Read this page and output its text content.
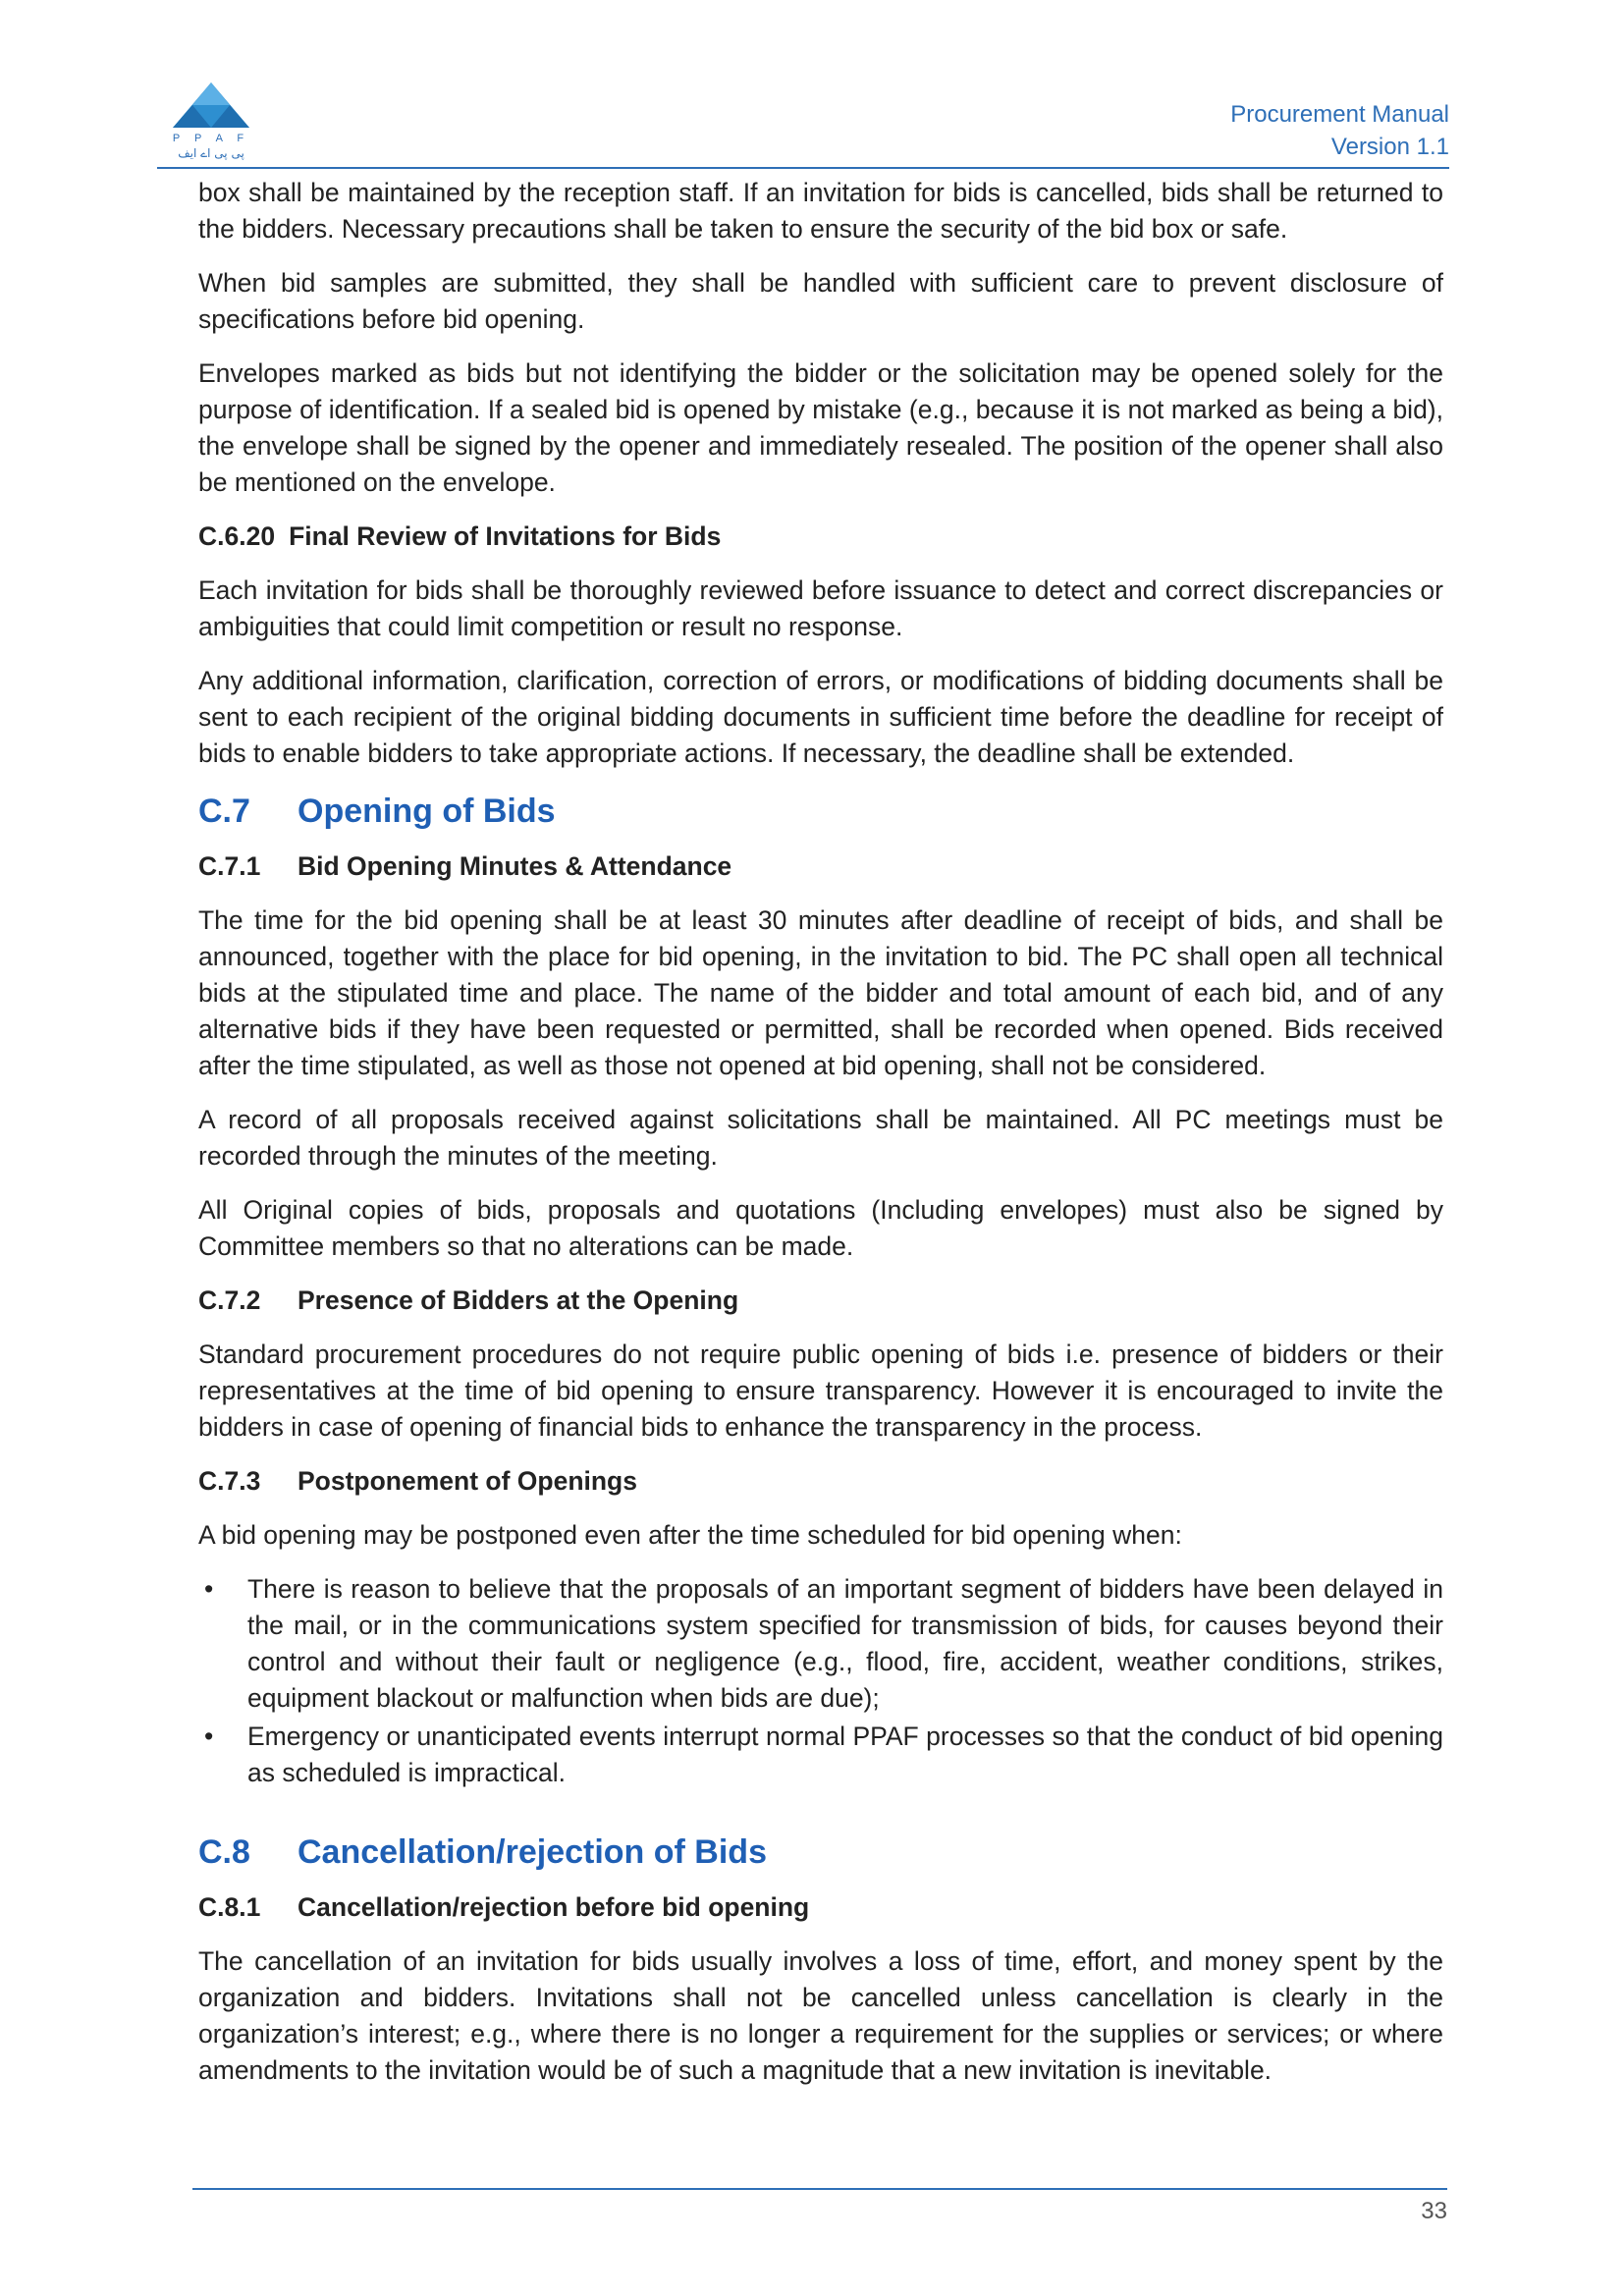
P P A F
پی پی اے ایف
Procurement Manual
Version 1.1

box shall be maintained by the reception staff. If an invitation for bids is cancelled, bids shall be returned to the bidders. Necessary precautions shall be taken to ensure the security of the bid box or safe.

When bid samples are submitted, they shall be handled with sufficient care to prevent disclosure of specifications before bid opening.

Envelopes marked as bids but not identifying the bidder or the solicitation may be opened solely for the purpose of identification. If a sealed bid is opened by mistake (e.g., because it is not marked as being a bid), the envelope shall be signed by the opener and immediately resealed. The position of the opener shall also be mentioned on the envelope.

C.6.20 Final Review of Invitations for Bids

Each invitation for bids shall be thoroughly reviewed before issuance to detect and correct discrepancies or ambiguities that could limit competition or result no response.

Any additional information, clarification, correction of errors, or modifications of bidding documents shall be sent to each recipient of the original bidding documents in sufficient time before the deadline for receipt of bids to enable bidders to take appropriate actions. If necessary, the deadline shall be extended.

C.7 Opening of Bids
C.7.1 Bid Opening Minutes & Attendance

The time for the bid opening shall be at least 30 minutes after deadline of receipt of bids, and shall be announced, together with the place for bid opening, in the invitation to bid. The PC shall open all technical bids at the stipulated time and place. The name of the bidder and total amount of each bid, and of any alternative bids if they have been requested or permitted, shall be recorded when opened. Bids received after the time stipulated, as well as those not opened at bid opening, shall not be considered.

A record of all proposals received against solicitations shall be maintained. All PC meetings must be recorded through the minutes of the meeting.

All Original copies of bids, proposals and quotations (Including envelopes) must also be signed by Committee members so that no alterations can be made.

C.7.2 Presence of Bidders at the Opening

Standard procurement procedures do not require public opening of bids i.e. presence of bidders or their representatives at the time of bid opening to ensure transparency. However it is encouraged to invite the bidders in case of opening of financial bids to enhance the transparency in the process.

C.7.3 Postponement of Openings

A bid opening may be postponed even after the time scheduled for bid opening when:

• There is reason to believe that the proposals of an important segment of bidders have been delayed in the mail, or in the communications system specified for transmission of bids, for causes beyond their control and without their fault or negligence (e.g., flood, fire, accident, weather conditions, strikes, equipment blackout or malfunction when bids are due);
• Emergency or unanticipated events interrupt normal PPAF processes so that the conduct of bid opening as scheduled is impractical.
C.8 Cancellation/rejection of Bids
C.8.1 Cancellation/rejection before bid opening

The cancellation of an invitation for bids usually involves a loss of time, effort, and money spent by the organization and bidders. Invitations shall not be cancelled unless cancellation is clearly in the organization’s interest; e.g., where there is no longer a requirement for the supplies or services; or where amendments to the invitation would be of such a magnitude that a new invitation is inevitable.

33
